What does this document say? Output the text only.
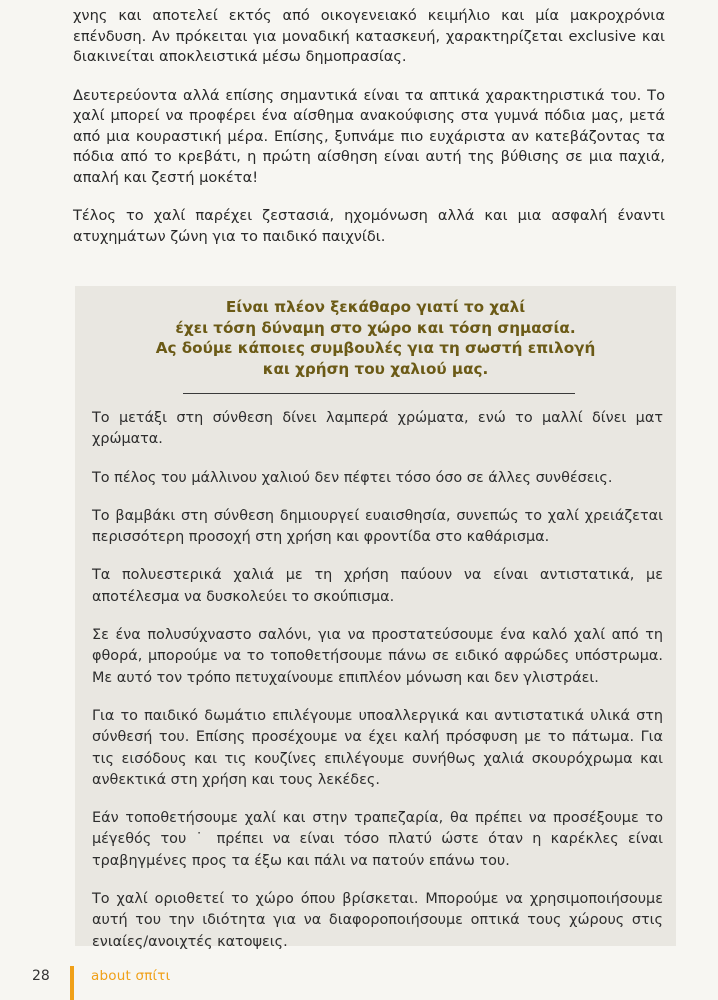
χνης και αποτελεί εκτός από οικογενειακό κειμήλιο και μία μακροχρόνια επένδυση. Αν πρόκειται για μοναδική κατασκευή, χαρακτηρίζεται exclusive και διακινείται αποκλειστικά μέσω δημοπρασίας.

Δευτερεύοντα αλλά επίσης σημαντικά είναι τα απτικά χαρακτηριστικά του. Το χαλί μπορεί να προφέρει ένα αίσθημα ανακούφισης στα γυμνά πόδια μας, μετά από μια κουραστική μέρα. Επίσης, ξυπνάμε πιο ευχάριστα αν κατεβάζοντας τα πόδια από το κρεβάτι, η πρώτη αίσθηση είναι αυτή της βύθισης σε μια παχιά, απαλή και ζεστή μοκέτα!

Τέλος το χαλί παρέχει ζεστασιά, ηχομόνωση αλλά και μια ασφαλή έναντι ατυχημάτων ζώνη για το παιδικό παιχνίδι.

Είναι πλέον ξεκάθαρο γιατί το χαλί
έχει τόση δύναμη στο χώρο και τόση σημασία.
Ας δούμε κάποιες συμβουλές για τη σωστή επιλογή
και χρήση του χαλιού μας.

Το μετάξι στη σύνθεση δίνει λαμπερά χρώματα, ενώ το μαλλί δίνει ματ χρώματα.

Το πέλος του μάλλινου χαλιού δεν πέφτει τόσο όσο σε άλλες συνθέσεις.

Το βαμβάκι στη σύνθεση δημιουργεί ευαισθησία, συνεπώς το χαλί χρειάζεται περισσότερη προσοχή στη χρήση και φροντίδα στο καθάρισμα.

Τα πολυεστερικά χαλιά με τη χρήση παύουν να είναι αντιστατικά, με αποτέλεσμα να δυσκολεύει το σκούπισμα.

Σε ένα πολυσύχναστο σαλόνι, για να προστατεύσουμε ένα καλό χαλί από τη φθορά, μπορούμε να το τοποθετήσουμε πάνω σε ειδικό αφρώδες υπόστρωμα. Με αυτό τον τρόπο πετυχαίνουμε επιπλέον μόνωση και δεν γλιστράει.

Για το παιδικό δωμάτιο επιλέγουμε υποαλλεργικά και αντιστατικά υλικά στη σύνθεσή του. Επίσης προσέχουμε να έχει καλή πρόσφυση με το πάτωμα. Για τις εισόδους και τις κουζίνες επιλέγουμε συνήθως χαλιά σκουρόχρωμα και ανθεκτικά στη χρήση και τους λεκέδες.

Εάν τοποθετήσουμε χαλί και στην τραπεζαρία, θα πρέπει να προσέξουμε το μέγεθός του ˙ πρέπει να είναι τόσο πλατύ ώστε όταν η καρέκλες είναι τραβηγμένες προς τα έξω και πάλι να πατούν επάνω του.

Το χαλί οριοθετεί το χώρο όπου βρίσκεται. Μπορούμε να χρησιμοποιήσουμε αυτή του την ιδιότητα για να διαφοροποιήσουμε οπτικά τους χώρους στις ενιαίες/ανοιχτές κατοψεις.

28	about σπίτι
